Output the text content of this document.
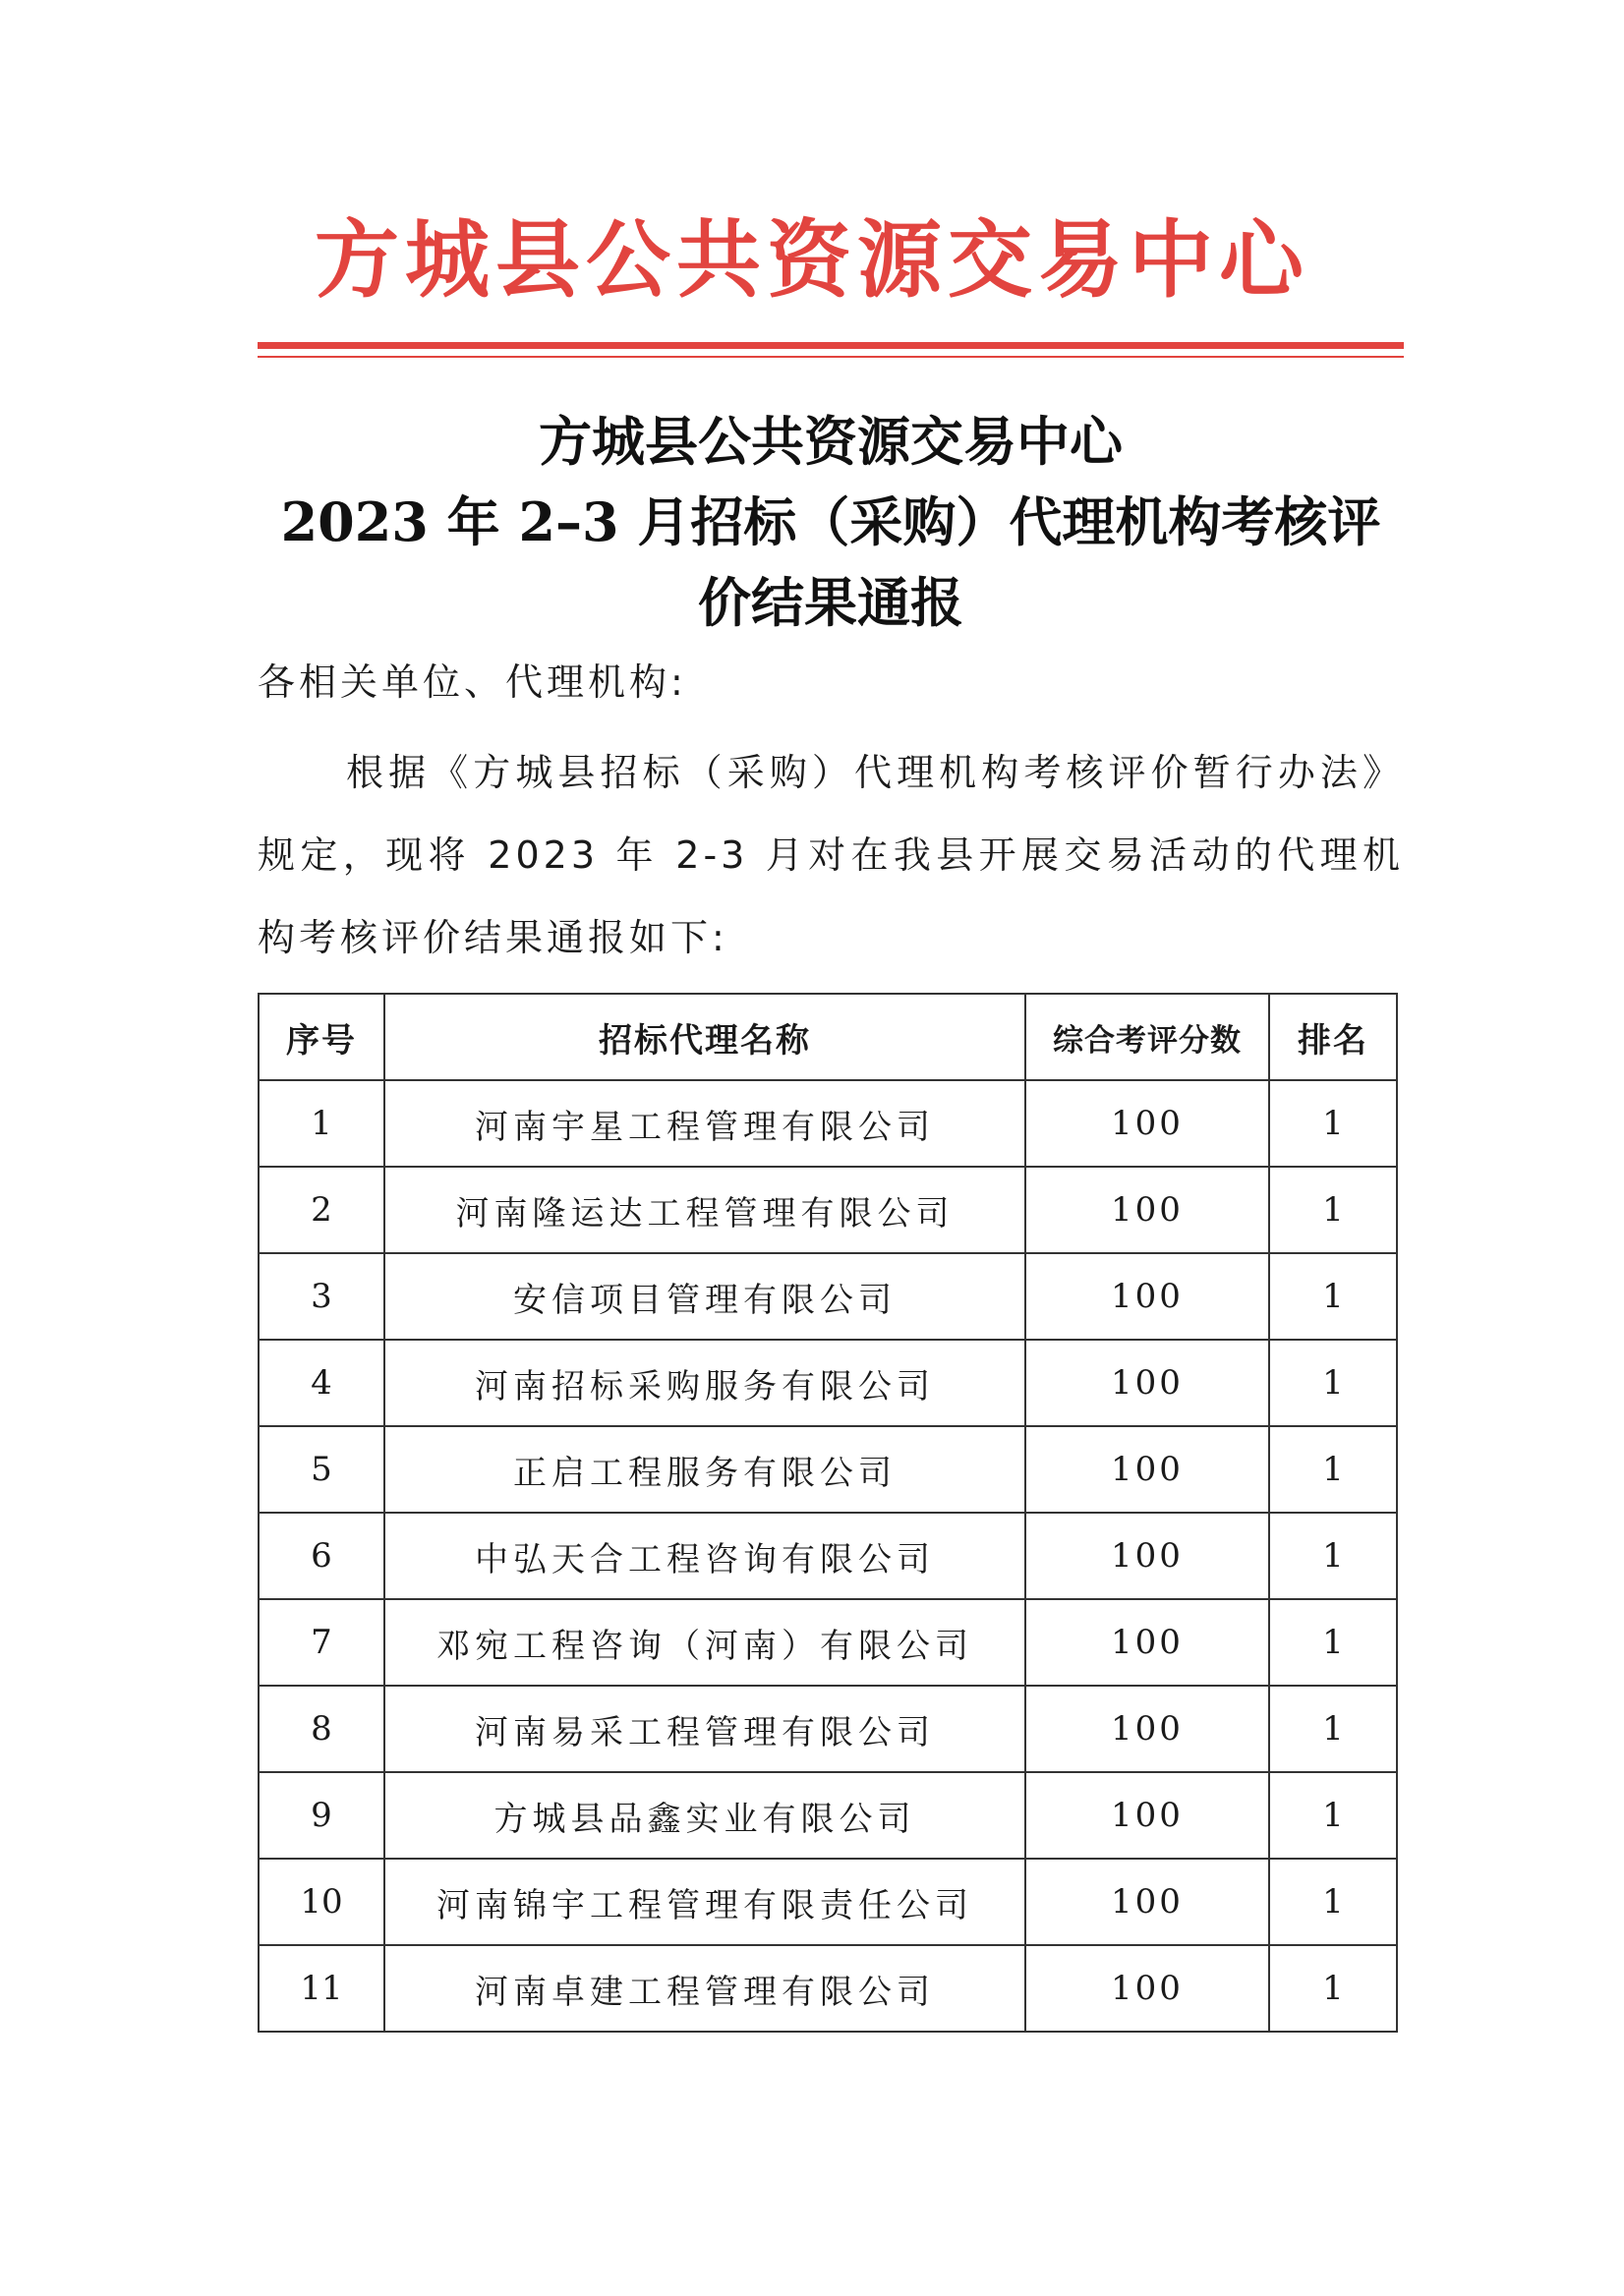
方城县公共资源交易中心
方城县公共资源交易中心
2023 年 2–3 月招标（采购）代理机构考核评
价结果通报
各相关单位、代理机构:
根据《方城县招标（采购）代理机构考核评价暂行办法》规定，现将 2023 年 2-3 月对在我县开展交易活动的代理机构考核评价结果通报如下:
序号	招标代理名称	综合考评分数	排名
1	河南宇星工程管理有限公司	100	1
2	河南隆运达工程管理有限公司	100	1
3	安信项目管理有限公司	100	1
4	河南招标采购服务有限公司	100	1
5	正启工程服务有限公司	100	1
6	中弘天合工程咨询有限公司	100	1
7	邓宛工程咨询（河南）有限公司	100	1
8	河南易采工程管理有限公司	100	1
9	方城县品鑫实业有限公司	100	1
10	河南锦宇工程管理有限责任公司	100	1
11	河南卓建工程管理有限公司	100	1
